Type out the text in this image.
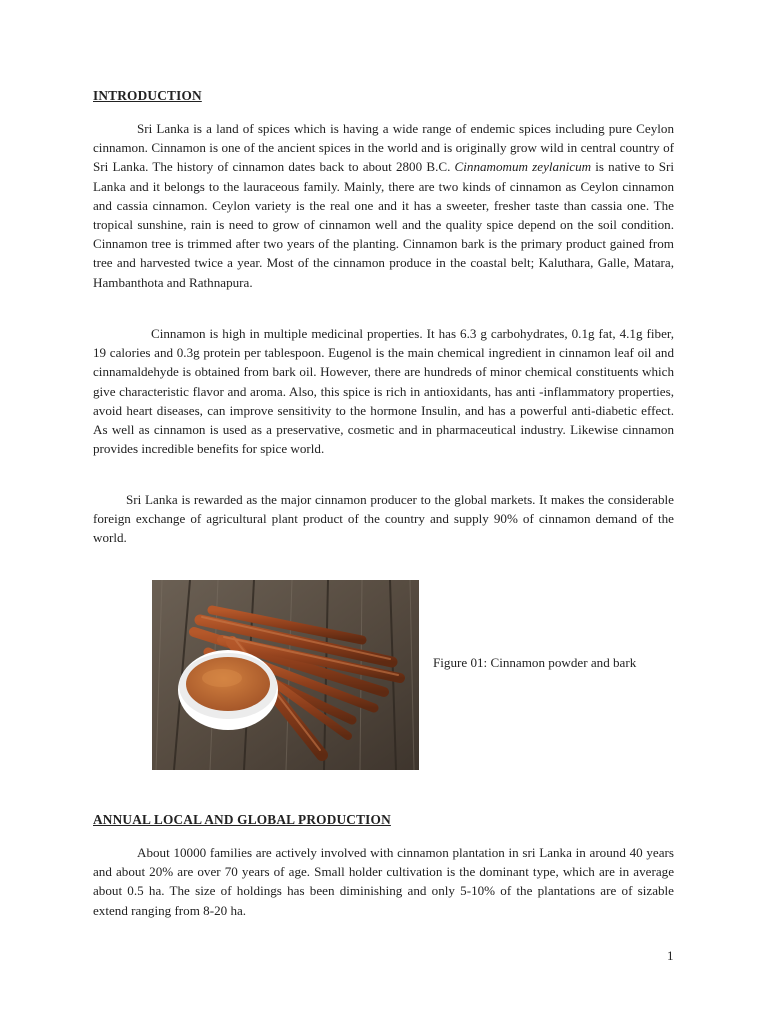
INTRODUCTION

Sri Lanka is a land of spices which is having a wide range of endemic spices including pure Ceylon cinnamon. Cinnamon is one of the ancient spices in the world and is originally grow wild in central country of Sri Lanka. The history of cinnamon dates back to about 2800 B.C. Cinnamomum zeylanicum is native to Sri Lanka and it belongs to the lauraceous family. Mainly, there are two kinds of cinnamon as Ceylon cinnamon and cassia cinnamon. Ceylon variety is the real one and it has a sweeter, fresher taste than cassia one. The tropical sunshine, rain is need to grow of cinnamon well and the quality spice depend on the soil condition. Cinnamon tree is trimmed after two years of the planting. Cinnamon bark is the primary product gained from tree and harvested twice a year. Most of the cinnamon produce in the coastal belt; Kaluthara, Galle, Matara, Hambanthota and Rathnapura.

Cinnamon is high in multiple medicinal properties. It has 6.3 g carbohydrates, 0.1g fat, 4.1g fiber, 19 calories and 0.3g protein per tablespoon. Eugenol is the main chemical ingredient in cinnamon leaf oil and cinnamaldehyde is obtained from bark oil. However, there are hundreds of minor chemical constituents which give characteristic flavor and aroma. Also, this spice is rich in antioxidants, has anti -inflammatory properties, avoid heart diseases, can improve sensitivity to the hormone Insulin, and has a powerful anti-diabetic effect. As well as cinnamon is used as a preservative, cosmetic and in pharmaceutical industry. Likewise cinnamon provides incredible benefits for spice world.

Sri Lanka is rewarded as the major cinnamon producer to the global markets. It makes the considerable foreign exchange of agricultural plant product of the country and supply 90% of cinnamon demand of the world.

Figure 01: Cinnamon powder and bark
ANNUAL LOCAL AND GLOBAL PRODUCTION

About 10000 families are actively involved with cinnamon plantation in sri Lanka in around 40 years and about 20% are over 70 years of age. Small holder cultivation is the dominant type, which are in average about 0.5 ha. The size of holdings has been diminishing and only 5-10% of the plantations are of sizable extend ranging from 8-20 ha.

1
